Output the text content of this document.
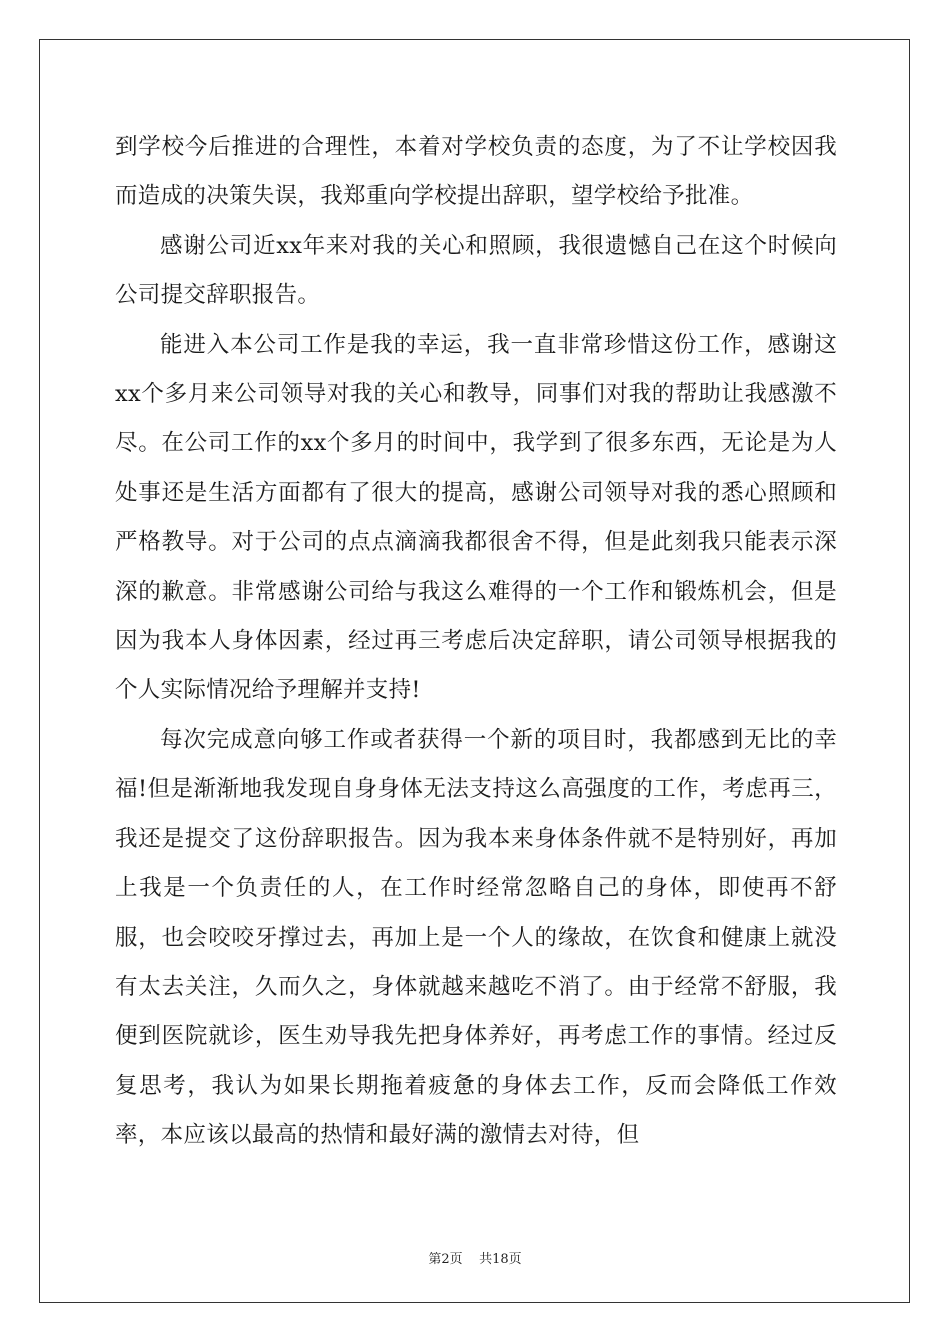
到学校今后推进的合理性，本着对学校负责的态度，为了不让学校因我而造成的决策失误，我郑重向学校提出辞职，望学校给予批准。

感谢公司近xx年来对我的关心和照顾，我很遗憾自己在这个时候向公司提交辞职报告。

能进入本公司工作是我的幸运，我一直非常珍惜这份工作，感谢这xx个多月来公司领导对我的关心和教导，同事们对我的帮助让我感激不尽。在公司工作的xx个多月的时间中，我学到了很多东西，无论是为人处事还是生活方面都有了很大的提高，感谢公司领导对我的悉心照顾和严格教导。对于公司的点点滴滴我都很舍不得，但是此刻我只能表示深深的歉意。非常感谢公司给与我这么难得的一个工作和锻炼机会，但是因为我本人身体因素，经过再三考虑后决定辞职，请公司领导根据我的个人实际情况给予理解并支持!

每次完成意向够工作或者获得一个新的项目时，我都感到无比的幸福!但是渐渐地我发现自身身体无法支持这么高强度的工作，考虑再三，我还是提交了这份辞职报告。因为我本来身体条件就不是特别好，再加上我是一个负责任的人，在工作时经常忽略自己的身体，即使再不舒服，也会咬咬牙撑过去，再加上是一个人的缘故，在饮食和健康上就没有太去关注，久而久之，身体就越来越吃不消了。由于经常不舒服，我便到医院就诊，医生劝导我先把身体养好，再考虑工作的事情。经过反复思考，我认为如果长期拖着疲惫的身体去工作，反而会降低工作效率，本应该以最高的热情和最好满的激情去对待，但

第2页 共18页
